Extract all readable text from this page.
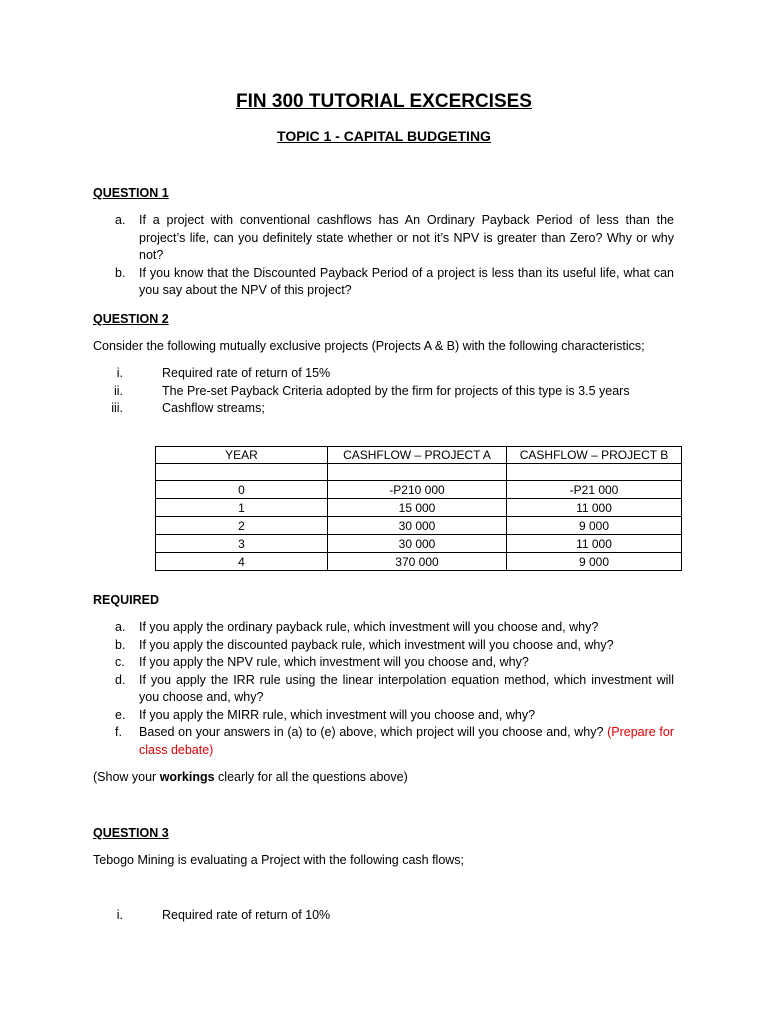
FIN 300 TUTORIAL EXCERCISES
TOPIC 1 - CAPITAL BUDGETING
QUESTION 1
a. If a project with conventional cashflows has An Ordinary Payback Period of less than the project’s life, can you definitely state whether or not it’s NPV is greater than Zero? Why or why not?
b. If you know that the Discounted Payback Period of a project is less than its useful life, what can you say about the NPV of this project?
QUESTION 2
Consider the following mutually exclusive projects (Projects A & B) with the following characteristics;
i.	Required rate of return of 15%
ii.	The Pre-set Payback Criteria adopted by the firm for projects of this type is 3.5 years
iii.	Cashflow streams;
YEAR	CASHFLOW – PROJECT A	CASHFLOW – PROJECT B

0	-P210 000	-P21 000
1	15 000	11 000
2	30 000	9 000
3	30 000	11 000
4	370 000	9 000
REQUIRED
a. If you apply the ordinary payback rule, which investment will you choose and, why?
b. If you apply the discounted payback rule, which investment will you choose and, why?
c. If you apply the NPV rule, which investment will you choose and, why?
d. If you apply the IRR rule using the linear interpolation equation method, which investment will you choose and, why?
e. If you apply the MIRR rule, which investment will you choose and, why?
f. Based on your answers in (a) to (e) above, which project will you choose and, why? (Prepare for class debate)
(Show your workings clearly for all the questions above)
QUESTION 3
Tebogo Mining is evaluating a Project with the following cash flows;
i.	Required rate of return of 10%
